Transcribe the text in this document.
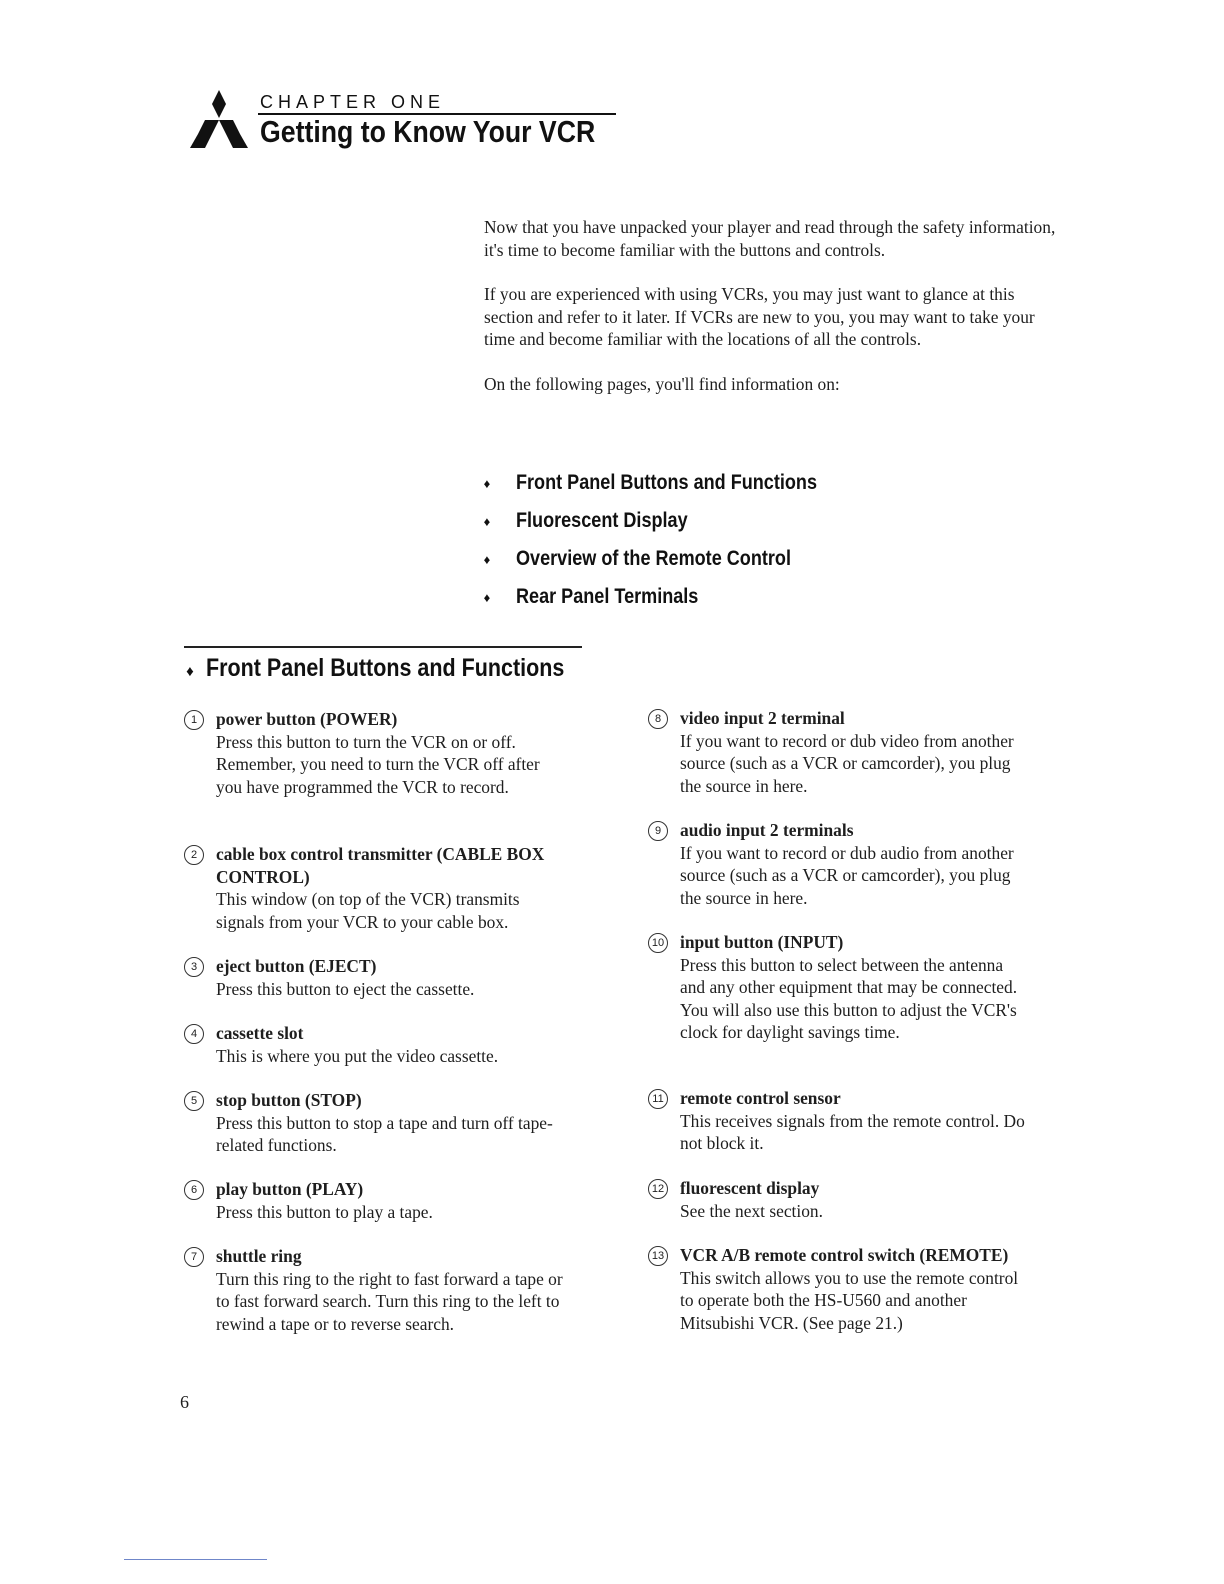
CHAPTER ONE
Getting to Know Your VCR

Now that you have unpacked your player and read through the safety information, it's time to become familiar with the buttons and controls.

If you are experienced with using VCRs, you may just want to glance at this section and refer to it later. If VCRs are new to you, you may want to take your time and become familiar with the locations of all the controls.

On the following pages, you'll find information on:

♦ Front Panel Buttons and Functions
♦ Fluorescent Display
♦ Overview of the Remote Control
♦ Rear Panel Terminals
♦ Front Panel Buttons and Functions
1	power button (POWER)
Press this button to turn the VCR on or off. Remember, you need to turn the VCR off after you have programmed the VCR to record.
2	cable box control transmitter (CABLE BOX CONTROL)
This window (on top of the VCR) transmits signals from your VCR to your cable box.
3	eject button (EJECT)
Press this button to eject the cassette.
4	cassette slot
This is where you put the video cassette.
5	stop button (STOP)
Press this button to stop a tape and turn off tape-related functions.
6	play button (PLAY)
Press this button to play a tape.
7	shuttle ring
Turn this ring to the right to fast forward a tape or to fast forward search. Turn this ring to the left to rewind a tape or to reverse search.
8	video input 2 terminal
If you want to record or dub video from another source (such as a VCR or camcorder), you plug the source in here.
9	audio input 2 terminals
If you want to record or dub audio from another source (such as a VCR or camcorder), you plug the source in here.
10 input button (INPUT)
Press this button to select between the antenna and any other equipment that may be connected. You will also use this button to adjust the VCR's clock for daylight savings time.
11 remote control sensor
This receives signals from the remote control. Do not block it.
12 fluorescent display
See the next section.
13 VCR A/B remote control switch (REMOTE)
This switch allows you to use the remote control to operate both the HS-U560 and another Mitsubishi VCR. (See page 21.)
6
